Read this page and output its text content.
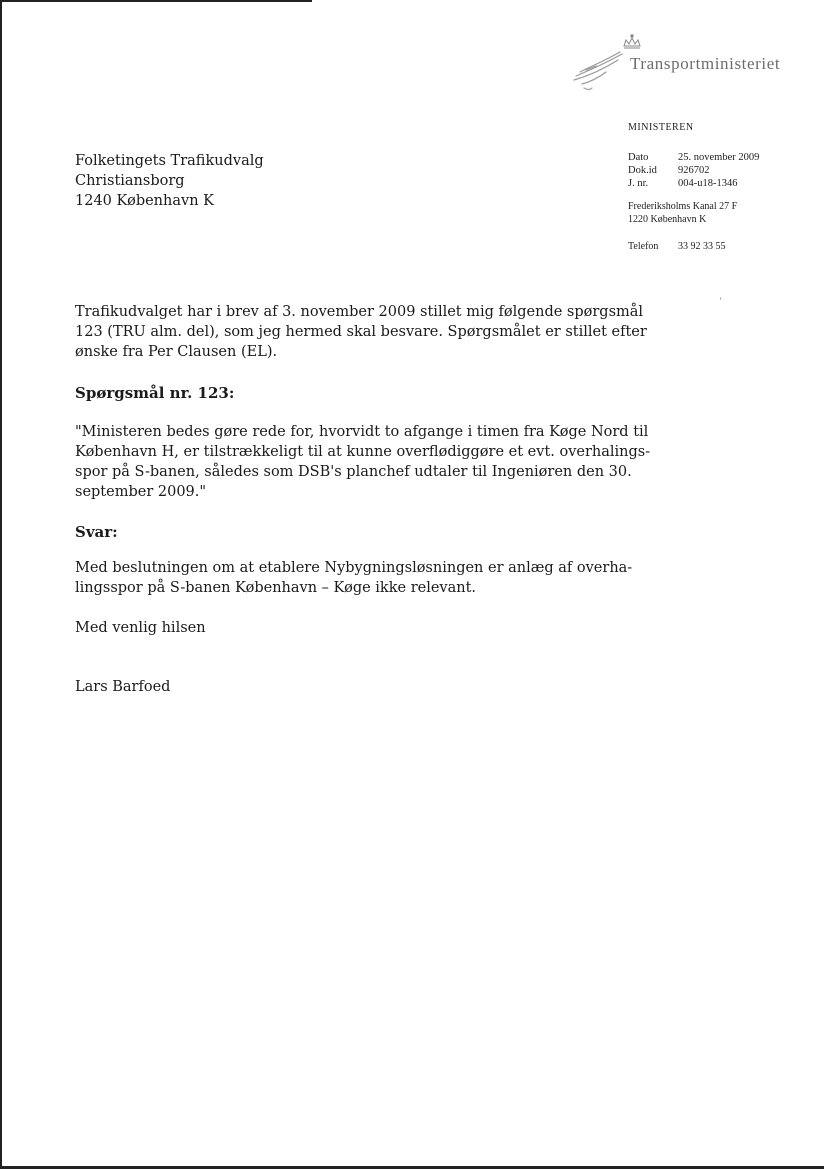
Transportministeriet
MINISTEREN
Dato	25. november 2009
Dok.id	926702
J. nr.	004-u18-1346
Frederiksholms Kanal 27 F
1220 København K
Telefon	33 92 33 55
Folketingets Trafikudvalg
Christiansborg
1240 København K
Trafikudvalget har i brev af 3. november 2009 stillet mig følgende spørgsmål
123 (TRU alm. del), som jeg hermed skal besvare. Spørgsmålet er stillet efter
ønske fra Per Clausen (EL).
Spørgsmål nr. 123:
"Ministeren bedes gøre rede for, hvorvidt to afgange i timen fra Køge Nord til
København H, er tilstrækkeligt til at kunne overflødiggøre et evt. overhalings-
spor på S-banen, således som DSB's planchef udtaler til Ingeniøren den 30.
september 2009."
Svar:
Med beslutningen om at etablere Nybygningsløsningen er anlæg af overha-
lingsspor på S-banen København – Køge ikke relevant.
Med venlig hilsen
Lars Barfoed
